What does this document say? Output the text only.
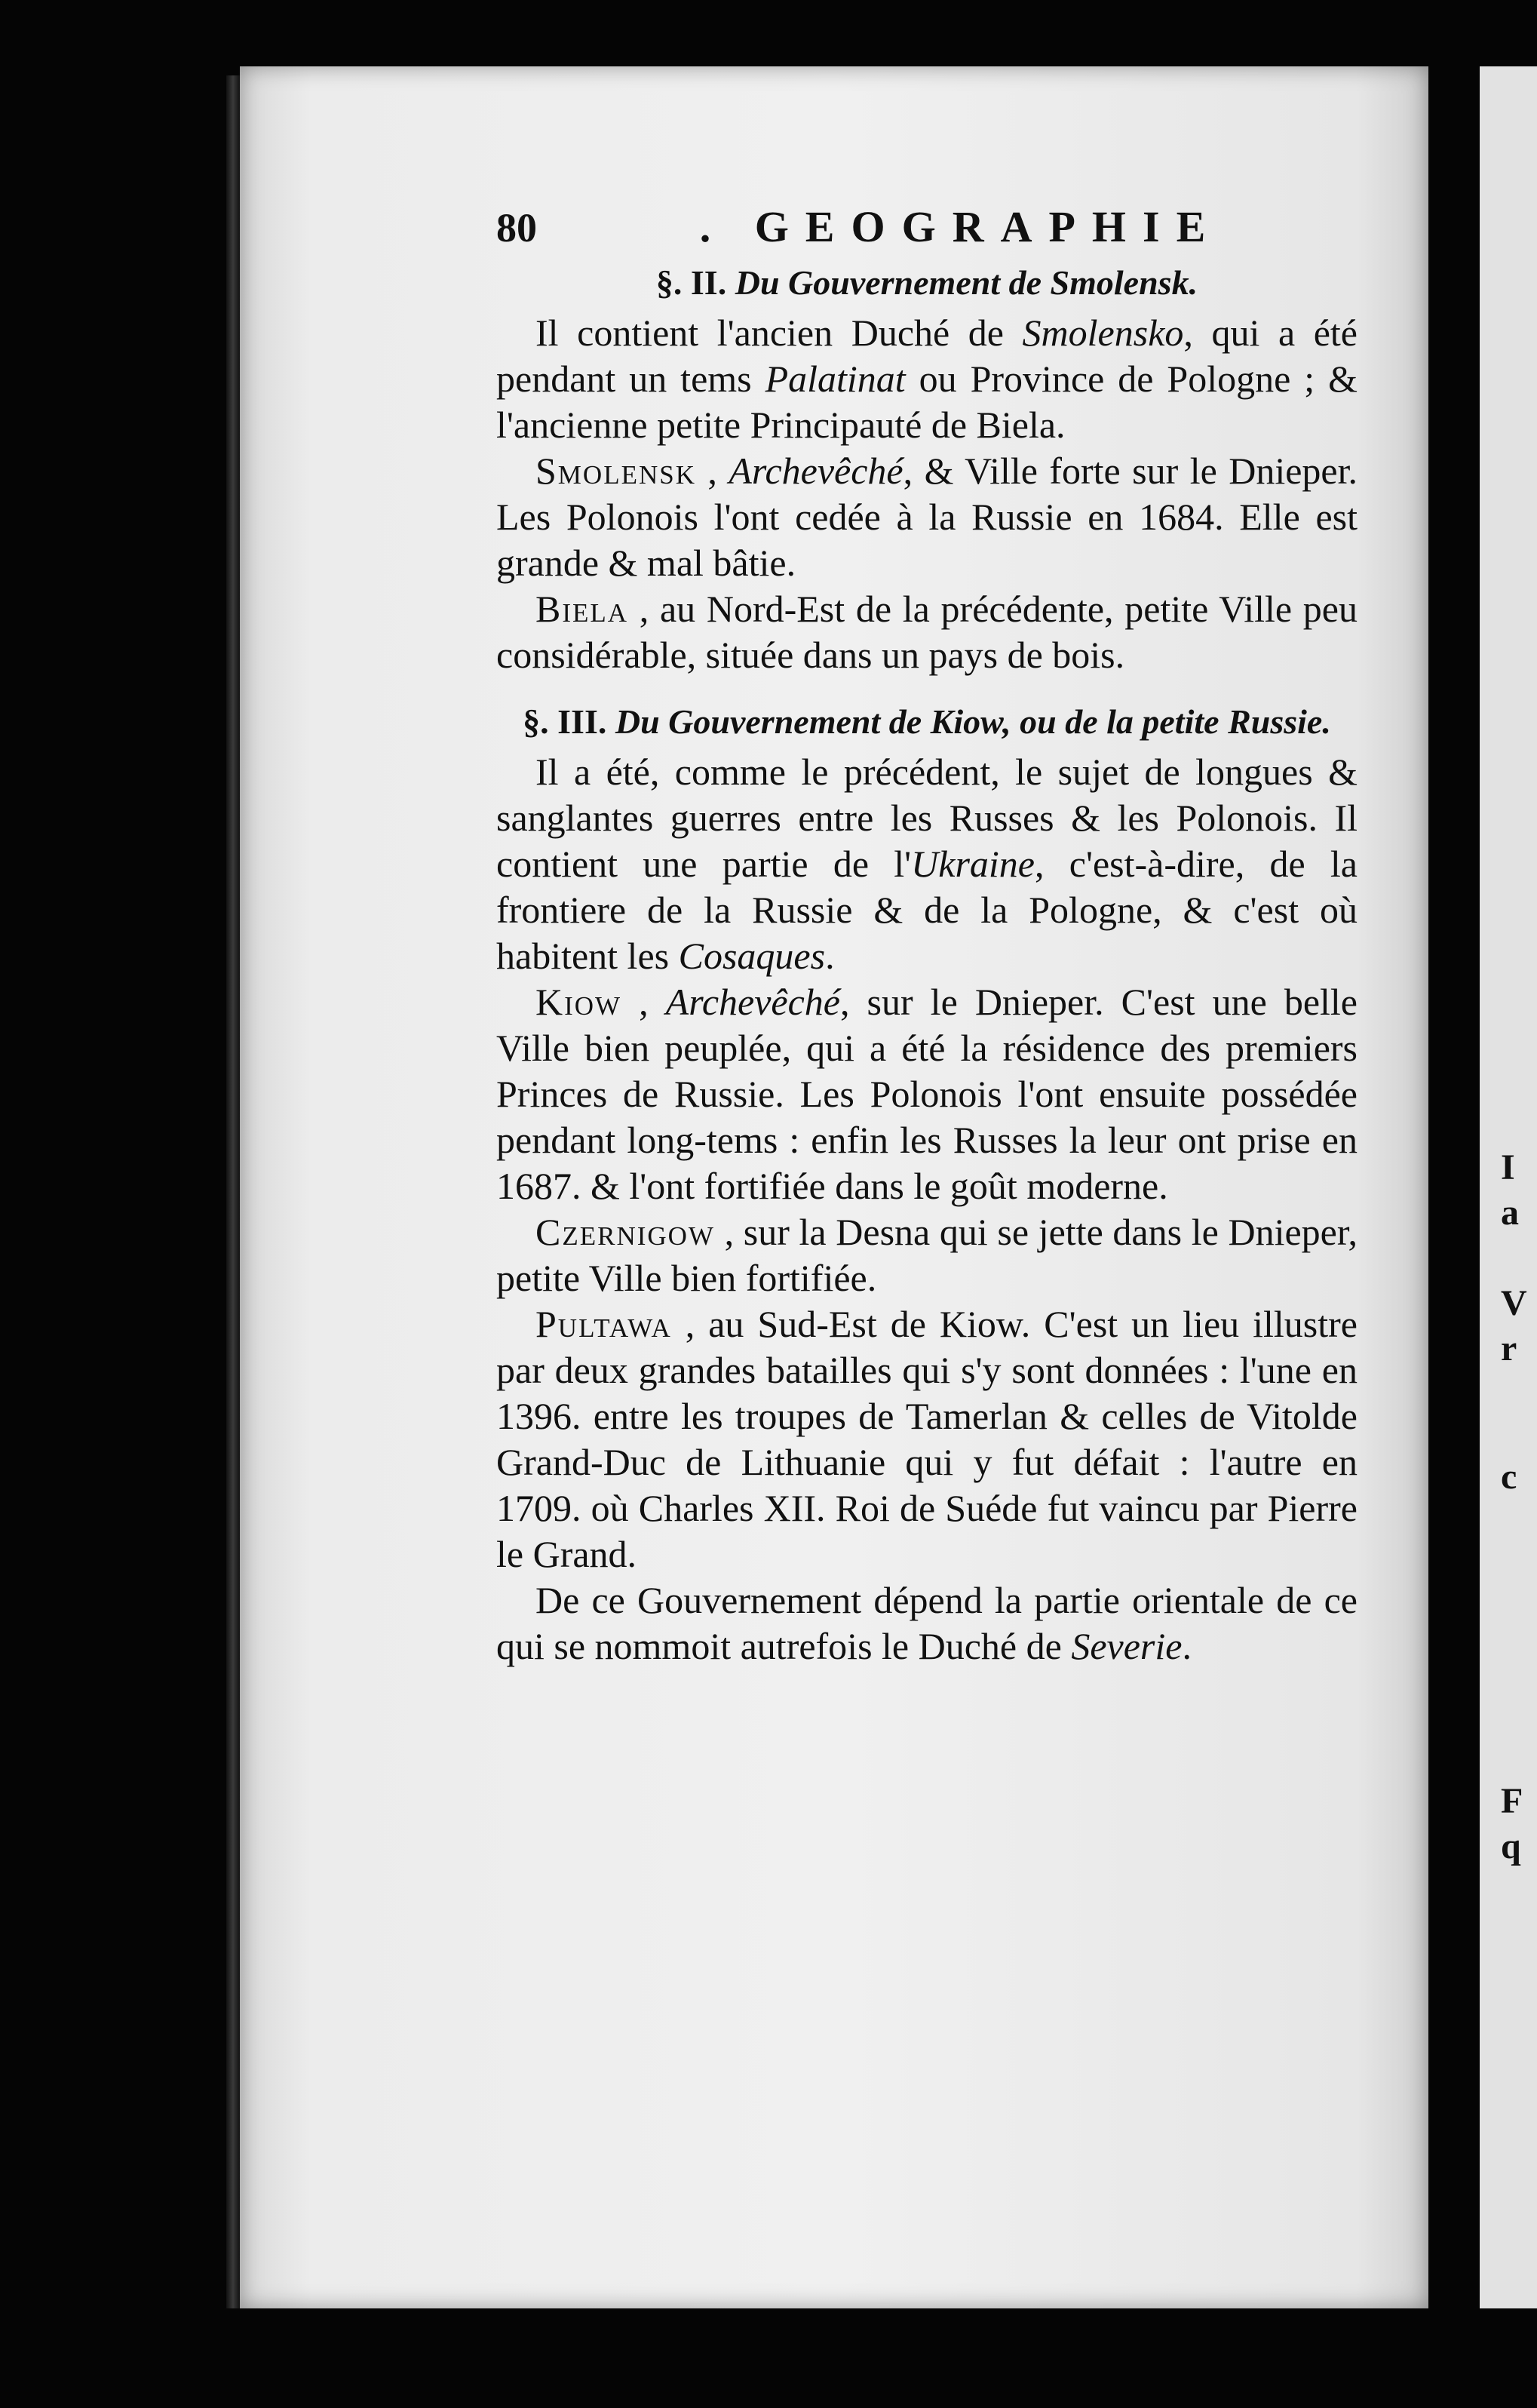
I
a
V
r
c
F
q
80	. GEOGRAPHIE
§. II. Du Gouvernement de Smolensk.

Il contient l'ancien Duché de Smolensko, qui a été pendant un tems Palatinat ou Province de Pologne ; & l'ancienne petite Principauté de Biela.

Smolensk , Archevêché, & Ville forte sur le Dnieper. Les Polonois l'ont cedée à la Russie en 1684. Elle est grande & mal bâtie.

Biela , au Nord-Est de la précédente, petite Ville peu considérable, située dans un pays de bois.

§. III. Du Gouvernement de Kiow, ou de la petite Russie.

Il a été, comme le précédent, le sujet de longues & sanglantes guerres entre les Russes & les Polonois. Il contient une partie de l'Ukraine, c'est-à-dire, de la frontiere de la Russie & de la Pologne, & c'est où habitent les Cosaques.

Kiow , Archevêché, sur le Dnieper. C'est une belle Ville bien peuplée, qui a été la résidence des premiers Princes de Russie. Les Polonois l'ont ensuite possédée pendant long-tems : enfin les Russes la leur ont prise en 1687. & l'ont fortifiée dans le goût moderne.

Czernigow , sur la Desna qui se jette dans le Dnieper, petite Ville bien fortifiée.

Pultawa , au Sud-Est de Kiow. C'est un lieu illustre par deux grandes batailles qui s'y sont données : l'une en 1396. entre les troupes de Tamerlan & celles de Vitolde Grand-Duc de Lithuanie qui y fut défait : l'autre en 1709. où Charles XII. Roi de Suéde fut vaincu par Pierre le Grand.

De ce Gouvernement dépend la partie orientale de ce qui se nommoit autrefois le Duché de Severie.
